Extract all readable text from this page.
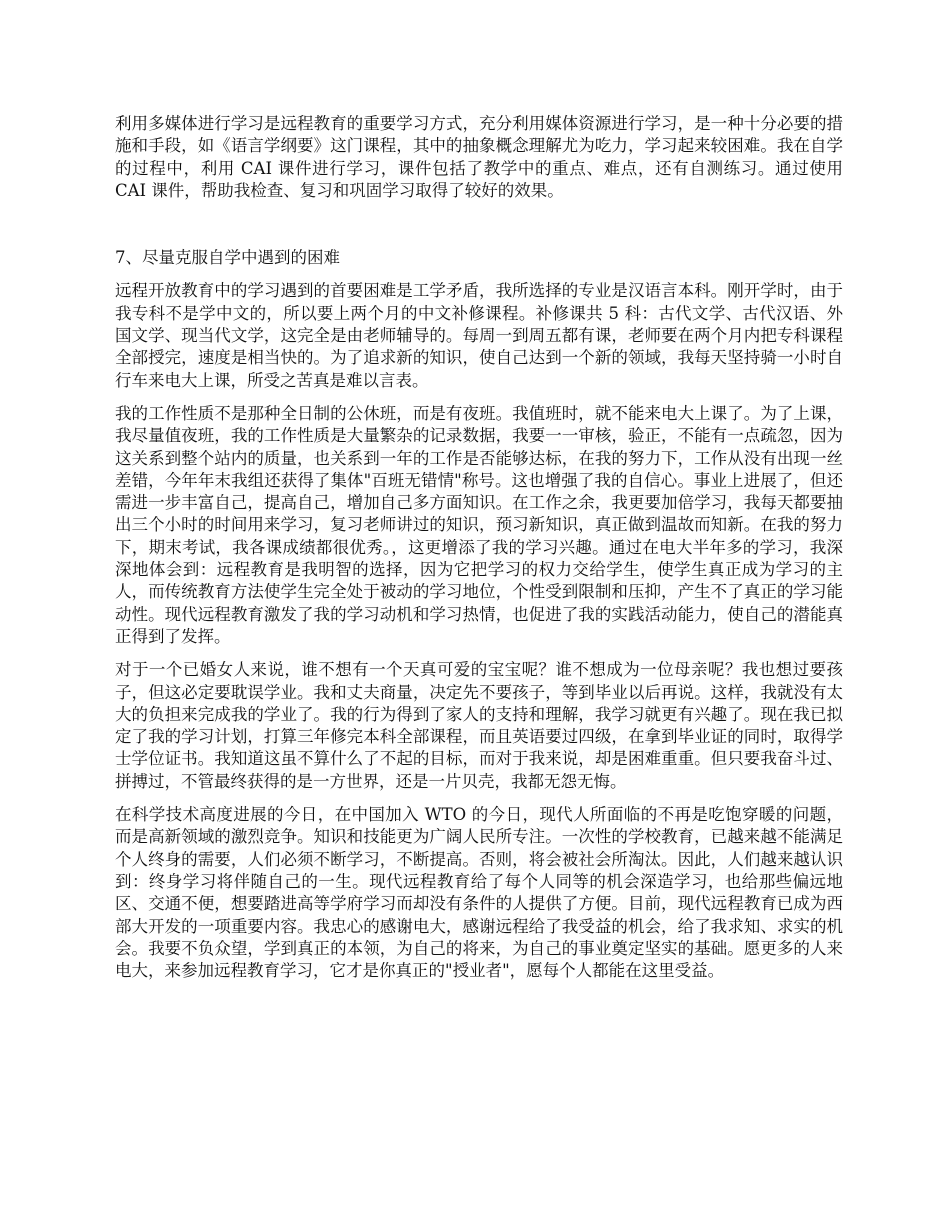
利用多媒体进行学习是远程教育的重要学习方式，充分利用媒体资源进行学习，是一种十分必要的措施和手段，如《语言学纲要》这门课程，其中的抽象概念理解尤为吃力，学习起来较困难。我在自学的过程中，利用 CAI 课件进行学习，课件包括了教学中的重点、难点，还有自测练习。通过使用 CAI 课件，帮助我检查、复习和巩固学习取得了较好的效果。

7、尽量克服自学中遇到的困难

远程开放教育中的学习遇到的首要困难是工学矛盾，我所选择的专业是汉语言本科。刚开学时，由于我专科不是学中文的，所以要上两个月的中文补修课程。补修课共 5 科：古代文学、古代汉语、外国文学、现当代文学，这完全是由老师辅导的。每周一到周五都有课，老师要在两个月内把专科课程全部授完，速度是相当快的。为了追求新的知识，使自己达到一个新的领域，我每天坚持骑一小时自行车来电大上课，所受之苦真是难以言表。

我的工作性质不是那种全日制的公休班，而是有夜班。我值班时，就不能来电大上课了。为了上课，我尽量值夜班，我的工作性质是大量繁杂的记录数据，我要一一审核，验正，不能有一点疏忽，因为这关系到整个站内的质量，也关系到一年的工作是否能够达标，在我的努力下，工作从没有出现一丝差错，今年年末我组还获得了集体"百班无错情"称号。这也增强了我的自信心。事业上进展了，但还需进一步丰富自己，提高自己，增加自己多方面知识。在工作之余，我更要加倍学习，我每天都要抽出三个小时的时间用来学习，复习老师讲过的知识，预习新知识，真正做到温故而知新。在我的努力下，期末考试，我各课成绩都很优秀。，这更增添了我的学习兴趣。通过在电大半年多的学习，我深深地体会到：远程教育是我明智的选择，因为它把学习的权力交给学生，使学生真正成为学习的主人，而传统教育方法使学生完全处于被动的学习地位，个性受到限制和压抑，产生不了真正的学习能动性。现代远程教育激发了我的学习动机和学习热情，也促进了我的实践活动能力，使自己的潜能真正得到了发挥。

对于一个已婚女人来说，谁不想有一个天真可爱的宝宝呢？谁不想成为一位母亲呢？我也想过要孩子，但这必定要耽误学业。我和丈夫商量，决定先不要孩子，等到毕业以后再说。这样，我就没有太大的负担来完成我的学业了。我的行为得到了家人的支持和理解，我学习就更有兴趣了。现在我已拟定了我的学习计划，打算三年修完本科全部课程，而且英语要过四级，在拿到毕业证的同时，取得学士学位证书。我知道这虽不算什么了不起的目标，而对于我来说，却是困难重重。但只要我奋斗过、拼搏过，不管最终获得的是一方世界，还是一片贝壳，我都无怨无悔。

在科学技术高度进展的今日，在中国加入 WTO 的今日，现代人所面临的不再是吃饱穿暖的问题，而是高新领域的激烈竞争。知识和技能更为广阔人民所专注。一次性的学校教育，已越来越不能满足个人终身的需要，人们必须不断学习，不断提高。否则，将会被社会所淘汰。因此，人们越来越认识到：终身学习将伴随自己的一生。现代远程教育给了每个人同等的机会深造学习，也给那些偏远地区、交通不便，想要踏进高等学府学习而却没有条件的人提供了方便。目前，现代远程教育已成为西部大开发的一项重要内容。我忠心的感谢电大，感谢远程给了我受益的机会，给了我求知、求实的机会。我要不负众望，学到真正的本领，为自己的将来，为自己的事业奠定坚实的基础。愿更多的人来电大，来参加远程教育学习，它才是你真正的"授业者"，愿每个人都能在这里受益。
